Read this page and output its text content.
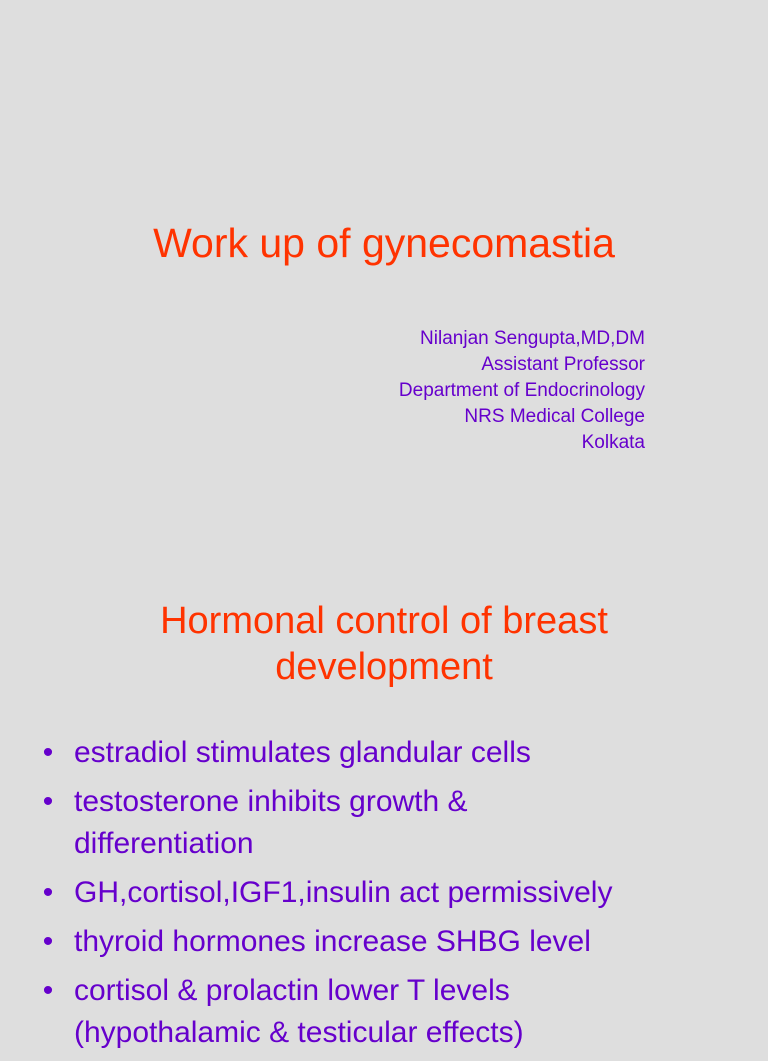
Work up of gynecomastia
Nilanjan Sengupta,MD,DM
Assistant Professor
Department of Endocrinology
NRS Medical College
Kolkata
Hormonal control of breast
development
• estradiol stimulates glandular cells
• testosterone inhibits growth &
differentiation
• GH,cortisol,IGF1,insulin act permissively
• thyroid hormones increase SHBG level
• cortisol & prolactin lower T levels
(hypothalamic & testicular effects)
